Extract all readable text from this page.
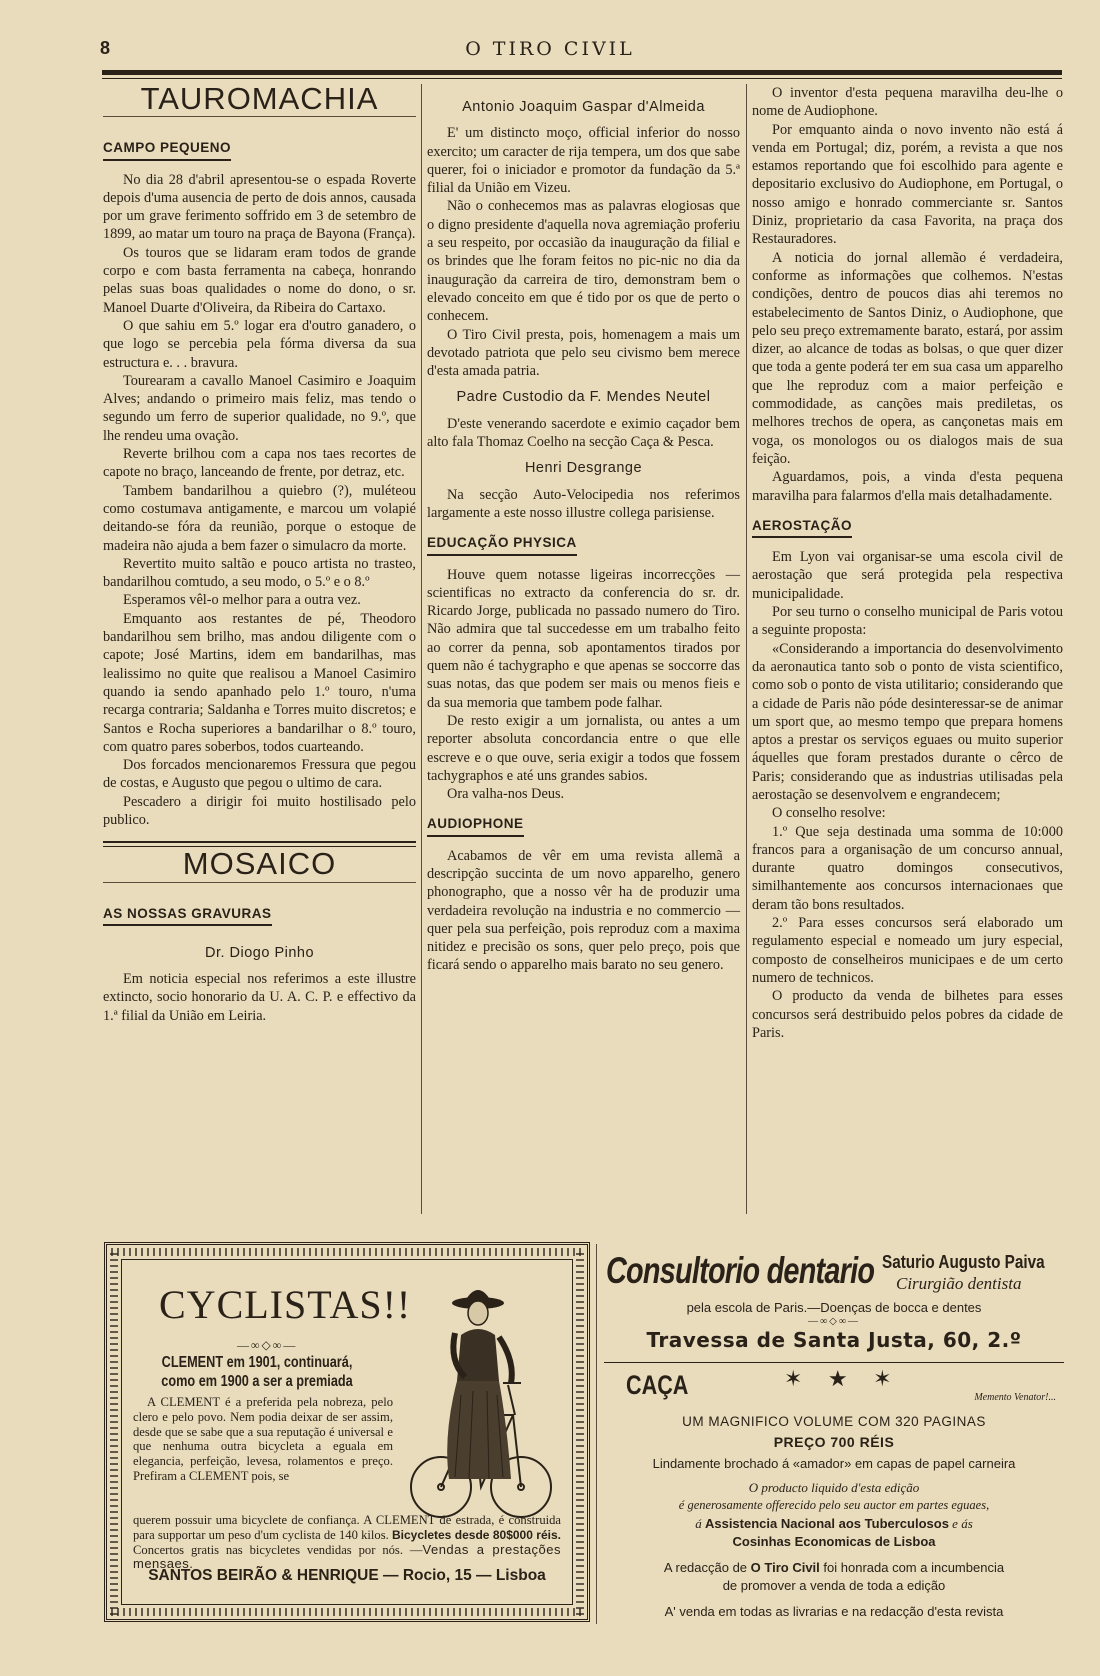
8	O TIRO CIVIL
TAUROMACHIA
CAMPO PEQUENO

No dia 28 d'abril apresentou-se o espada Roverte depois d'uma ausencia de perto de dois annos, causada por um grave ferimento soffrido em 3 de setembro de 1899, ao matar um touro na praça de Bayona (França).

Os touros que se lidaram eram todos de grande corpo e com basta ferramenta na cabeça, honrando pelas suas boas qualidades o nome do dono, o sr. Manoel Duarte d'Oliveira, da Ribeira do Cartaxo.

O que sahiu em 5.º logar era d'outro ganadero, o que logo se percebia pela fórma diversa da sua estructura e. . . bravura.

Tourearam a cavallo Manoel Casimiro e Joaquim Alves; andando o primeiro mais feliz, mas tendo o segundo um ferro de superior qualidade, no 9.º, que lhe rendeu uma ovação.

Reverte brilhou com a capa nos taes recortes de capote no braço, lanceando de frente, por detraz, etc.

Tambem bandarilhou a quiebro (?), muléteou como costumava antigamente, e marcou um volapié deitando-se fóra da reunião, porque o estoque de madeira não ajuda a bem fazer o simulacro da morte.

Revertito muito saltão e pouco artista no trasteo, bandarilhou comtudo, a seu modo, o 5.º e o 8.º

Esperamos vêl-o melhor para a outra vez.

Emquanto aos restantes de pé, Theodoro bandarilhou sem brilho, mas andou diligente com o capote; José Martins, idem em bandarilhas, mas lealissimo no quite que realisou a Manoel Casimiro quando ia sendo apanhado pelo 1.º touro, n'uma recarga contraria; Saldanha e Torres muito discretos; e Santos e Rocha superiores a bandarilhar o 8.º touro, com quatro pares soberbos, todos cuarteando.

Dos forcados mencionaremos Fressura que pegou de costas, e Augusto que pegou o ultimo de cara.

Pescadero a dirigir foi muito hostilisado pelo publico.

MOSAICO
AS NOSSAS GRAVURAS
Dr. Diogo Pinho

Em noticia especial nos referimos a este illustre extincto, socio honorario da U. A. C. P. e effectivo da 1.ª filial da União em Leiria.

Antonio Joaquim Gaspar d'Almeida

E' um distincto moço, official inferior do nosso exercito; um caracter de rija tempera, um dos que sabe querer, foi o iniciador e promotor da fundação da 5.ª filial da União em Vizeu.

Não o conhecemos mas as palavras elogiosas que o digno presidente d'aquella nova agremiação proferiu a seu respeito, por occasião da inauguração da filial e os brindes que lhe foram feitos no pic-nic no dia da inauguração da carreira de tiro, demonstram bem o elevado conceito em que é tido por os que de perto o conhecem.

O Tiro Civil presta, pois, homenagem a mais um devotado patriota que pelo seu civismo bem merece d'esta amada patria.

Padre Custodio da F. Mendes Neutel

D'este venerando sacerdote e eximio caçador bem alto fala Thomaz Coelho na secção Caça & Pesca.

Henri Desgrange

Na secção Auto-Velocipedia nos referimos largamente a este nosso illustre collega parisiense.

EDUCAÇÃO PHYSICA

Houve quem notasse ligeiras incorrecções — scientificas no extracto da conferencia do sr. dr. Ricardo Jorge, publicada no passado numero do Tiro. Não admira que tal succedesse em um trabalho feito ao correr da penna, sob apontamentos tirados por quem não é tachygrapho e que apenas se soccorre das suas notas, das que podem ser mais ou menos fieis e da sua memoria que tambem pode falhar.

De resto exigir a um jornalista, ou antes a um reporter absoluta concordancia entre o que elle escreve e o que ouve, seria exigir a todos que fossem tachygraphos e até uns grandes sabios.

Ora valha-nos Deus.

AUDIOPHONE

Acabamos de vêr em uma revista allemã a descripção succinta de um novo apparelho, genero phonographo, que a nosso vêr ha de produzir uma verdadeira revolução na industria e no commercio — quer pela sua perfeição, pois reproduz com a maxima nitidez e precisão os sons, quer pelo preço, pois que ficará sendo o apparelho mais barato no seu genero.

O inventor d'esta pequena maravilha deu-lhe o nome de Audiophone.

Por emquanto ainda o novo invento não está á venda em Portugal; diz, porém, a revista a que nos estamos reportando que foi escolhido para agente e depositario exclusivo do Audiophone, em Portugal, o nosso amigo e honrado commerciante sr. Santos Diniz, proprietario da casa Favorita, na praça dos Restauradores.

A noticia do jornal allemão é verdadeira, conforme as informações que colhemos. N'estas condições, dentro de poucos dias ahi teremos no estabelecimento de Santos Diniz, o Audiophone, que pelo seu preço extremamente barato, estará, por assim dizer, ao alcance de todas as bolsas, o que quer dizer que toda a gente poderá ter em sua casa um apparelho que lhe reproduz com a maior perfeição e commodidade, as canções mais prediletas, os melhores trechos de opera, as cançonetas mais em voga, os monologos ou os dialogos mais de sua feição.

Aguardamos, pois, a vinda d'esta pequena maravilha para falarmos d'ella mais detalhadamente.

AEROSTAÇÃO

Em Lyon vai organisar-se uma escola civil de aerostação que será protegida pela respectiva municipalidade.

Por seu turno o conselho municipal de Paris votou a seguinte proposta:

«Considerando a importancia do desenvolvimento da aeronautica tanto sob o ponto de vista scientifico, como sob o ponto de vista utilitario; considerando que a cidade de Paris não póde desinteressar-se de animar um sport que, ao mesmo tempo que prepara homens aptos a prestar os serviços eguaes ou muito superior áquelles que foram prestados durante o cêrco de Paris; considerando que as industrias utilisadas pela aerostação se desenvolvem e engrandecem;

O conselho resolve:

1.º Que seja destinada uma somma de 10:000 francos para a organisação de um concurso annual, durante quatro domingos consecutivos, similhantemente aos concursos internacionaes que deram tão bons resultados.

2.º Para esses concursos será elaborado um regulamento especial e nomeado um jury especial, composto de conselheiros municipaes e de um certo numero de technicos.

O producto da venda de bilhetes para esses concursos será destribuido pelos pobres da cidade de Paris.

CYCLISTAS!!
—∞◇∞—
CLEMENT em 1901, continuará, como em 1900 a ser a premiada

A CLEMENT é a preferida pela nobreza, pelo clero e pelo povo. Nem podia deixar de ser assim, desde que se sabe que a sua reputação é universal e que nenhuma outra bicycleta a eguala em elegancia, perfeição, levesa, rolamentos e preço. Prefiram a CLEMENT pois, se

querem possuir uma bicyclete de confiança. A CLEMENT de estrada, é construida para supportar um peso d'um cyclista de 140 kilos. Bicycletes desde 80$000 réis. Concertos gratis nas bicycletes vendidas por nós. —Vendas a prestações mensaes.

SANTOS BEIRÃO & HENRIQUE — Rocio, 15 — Lisboa
Consultorio dentario Saturio Augusto Paiva
Cirurgião dentista
pela escola de Paris.—Doenças de bocca e dentes
—∞◇∞—
Travessa de Santa Justa, 60, 2.º
CAÇA	✶ ★ ✶
Memento Venator!...
UM MAGNIFICO VOLUME COM 320 PAGINAS
PREÇO 700 RÉIS
Lindamente brochado á «amador» em capas de papel carneira
O producto liquido d'esta edição
é generosamente offerecido pelo seu auctor em partes eguaes,
á Assistencia Nacional aos Tuberculosos e ás
Cosinhas Economicas de Lisboa
A redacção de O Tiro Civil foi honrada com a incumbencia
de promover a venda de toda a edição
A' venda em todas as livrarias e na redacção d'esta revista
